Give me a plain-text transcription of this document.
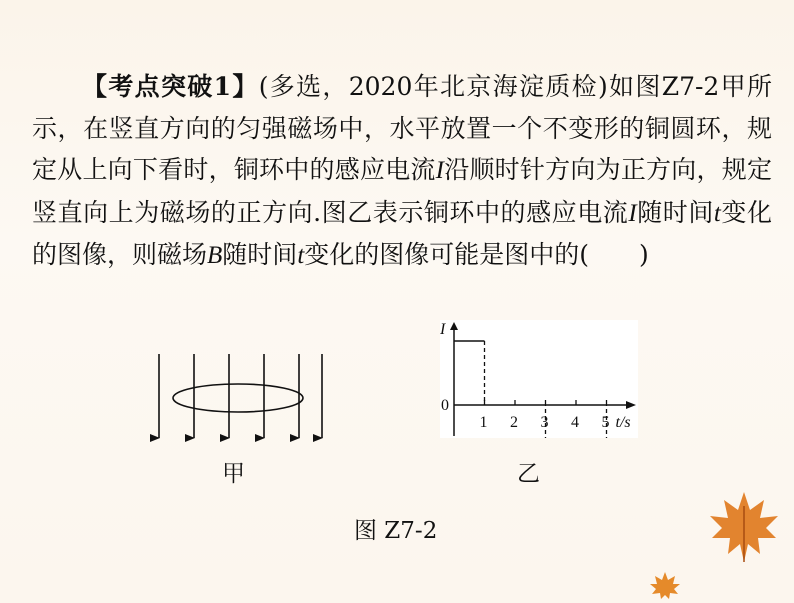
【考点突破1】(多选，2020年北京海淀质检)如图Z7-2甲所示，在竖直方向的匀强磁场中，水平放置一个不变形的铜圆环，规定从上向下看时，铜环中的感应电流I沿顺时针方向为正方向，规定竖直向上为磁场的正方向.图乙表示铜环中的感应电流I随时间t变化的图像，则磁场B随时间t变化的图像可能是图中的(　　)
甲
1 2 3 4 5 t/s
I
0
乙
图 Z7-2
